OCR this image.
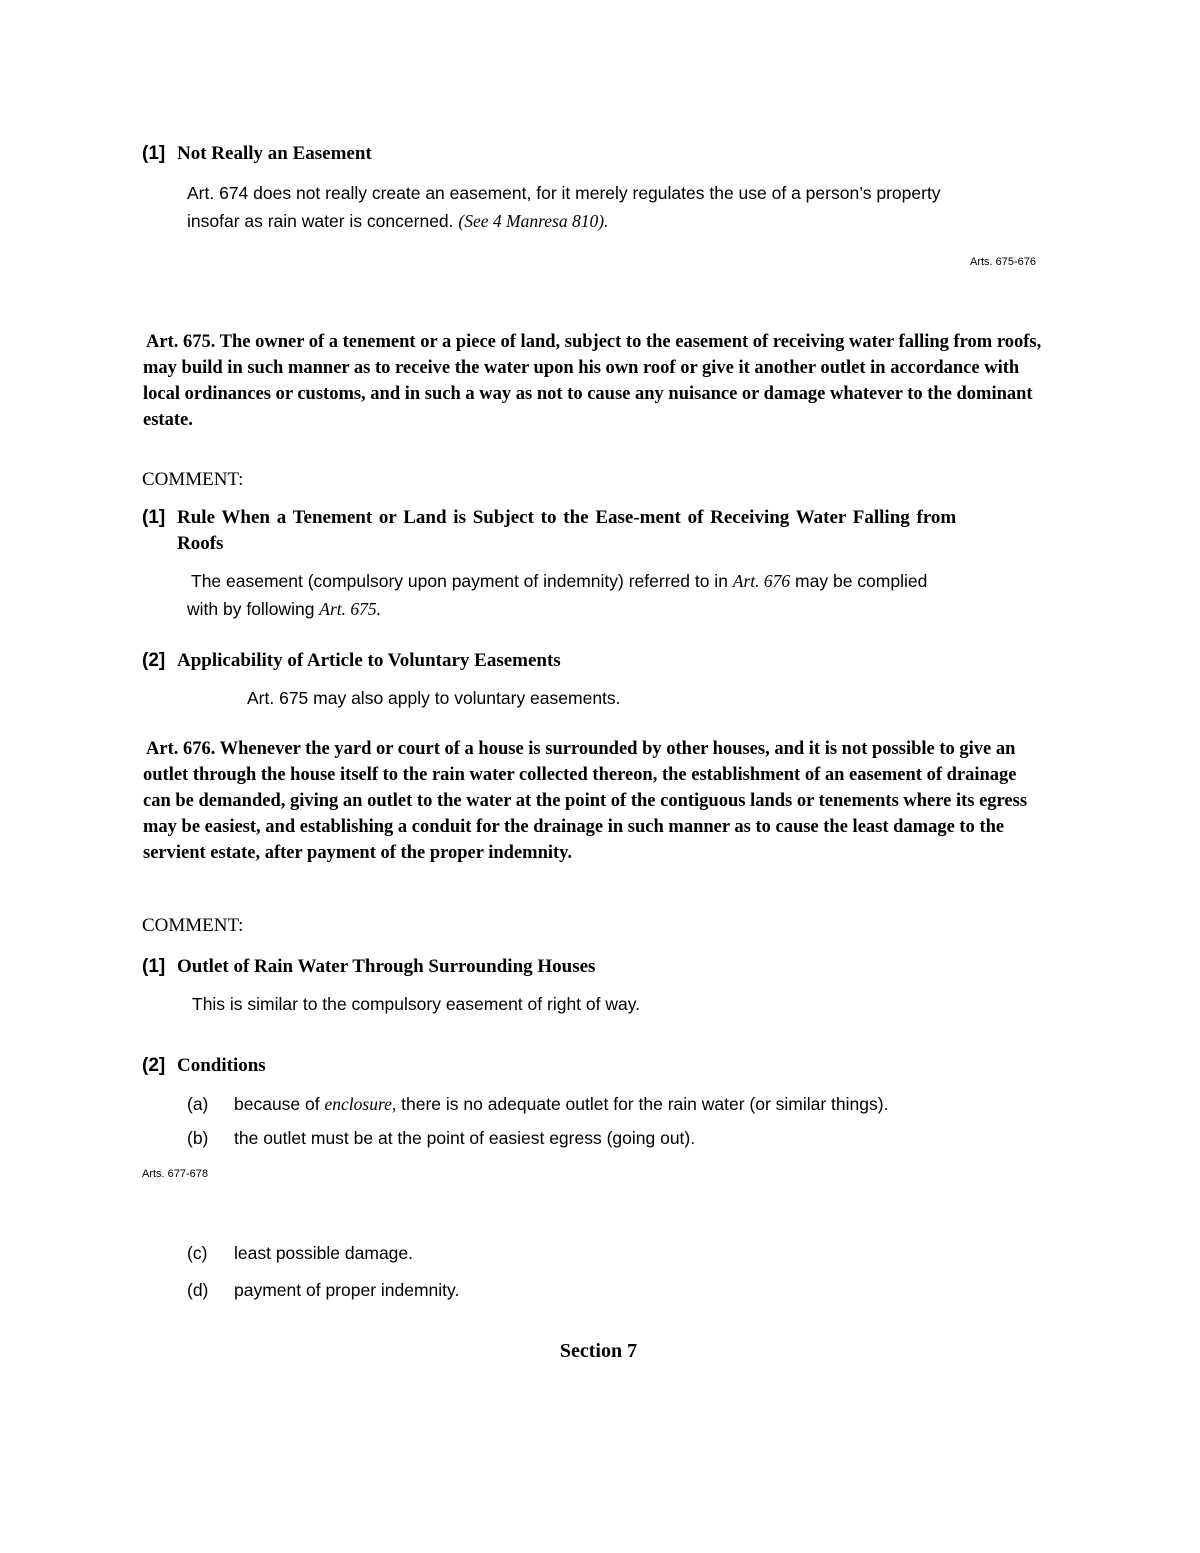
(1] Not Really an Easement
Art. 674 does not really create an easement, for it merely regulates the use of a person’s property
insofar as rain water is concerned. (See 4 Manresa 810).
Arts. 675-676
Art. 675. The owner of a tenement or a piece of land, subject to the easement of receiving water falling from roofs, may build in such manner as to receive the water upon his own roof or give it another outlet in accordance with local ordinances or customs, and in such a way as not to cause any nuisance or damage whatever to the dominant estate.
COMMENT:
(1] Rule When a Tenement or Land is Subject to the Ease-ment of Receiving Water Falling from
Roofs
The easement (compulsory upon payment of indemnity) referred to in Art. 676 may be complied
with by following Art. 675.
(2] Applicability of Article to Voluntary Easements
Art. 675 may also apply to voluntary easements.
Art. 676. Whenever the yard or court of a house is surrounded by other houses, and it is not possible to give an outlet through the house itself to the rain water collected thereon, the establishment of an easement of drainage can be demanded, giving an outlet to the water at the point of the contiguous lands or tenements where its egress may be easiest, and establishing a conduit for the drainage in such manner as to cause the least damage to the servient estate, after payment of the proper indemnity.
COMMENT:
(1] Outlet of Rain Water Through Surrounding Houses
This is similar to the compulsory easement of right of way.
(2] Conditions
(a) because of enclosure, there is no adequate outlet for the rain water (or similar things).
(b) the outlet must be at the point of easiest egress (going out).
Arts. 677-678
(c) least possible damage.
(d) payment of proper indemnity.
Section 7
